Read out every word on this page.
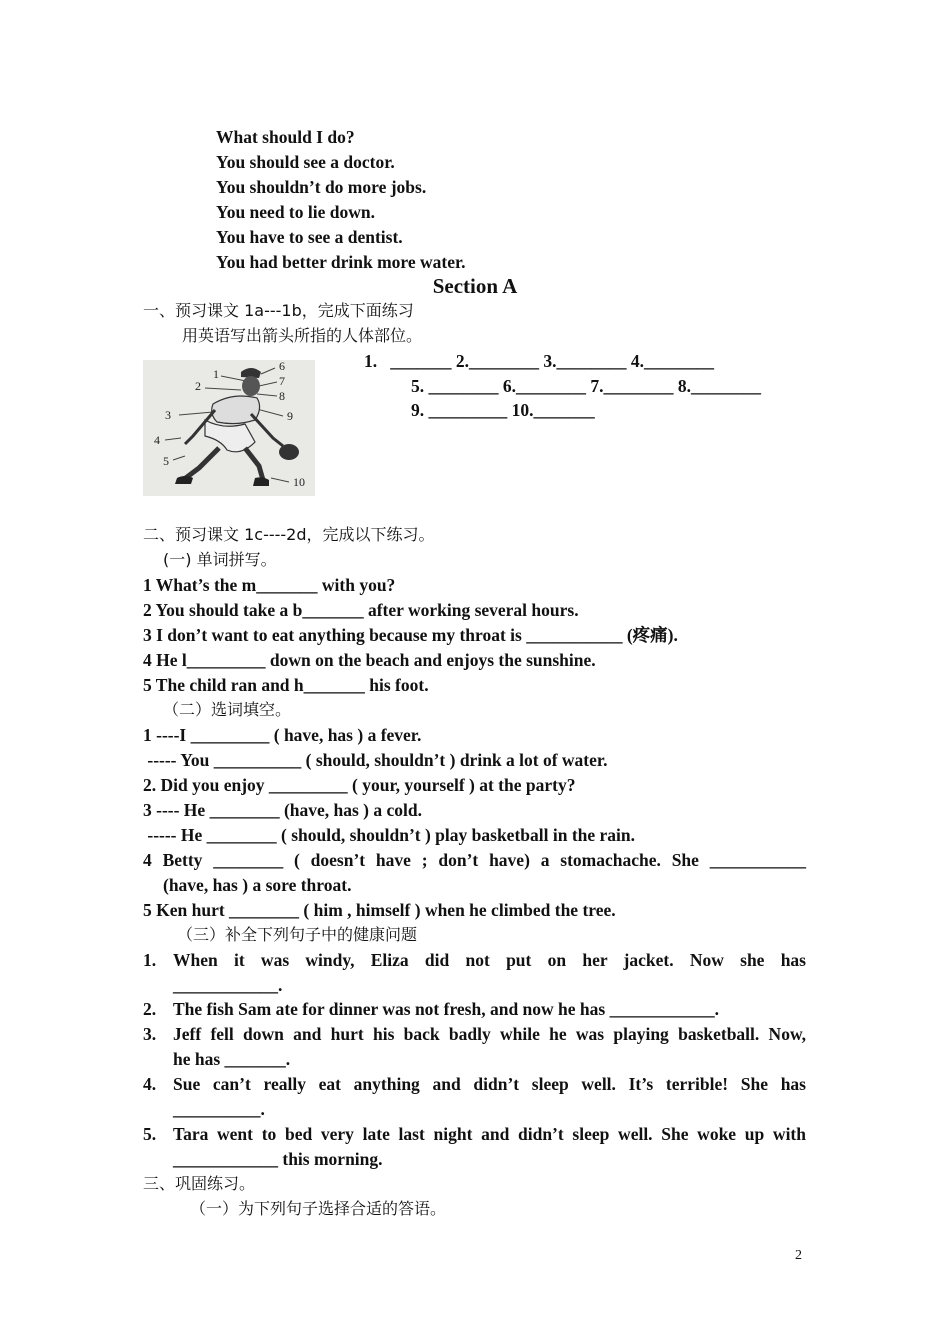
What should I do?
You should see a doctor.
You shouldn’t do more jobs.
You need to lie down.
You have to see a dentist.
You had better drink more water.
Section A
一、预习课文 1a---1b，完成下面练习
用英语写出箭头所指的人体部位。
1.   _______ 2.________ 3.________ 4.________
5. ________ 6.________ 7.________ 8.________
9. _________ 10._______
1
2
3
4
5
6
7
8
9
10
二、预习课文 1c----2d，完成以下练习。
(一) 单词拼写。
1 What’s the m_______ with you?
2 You should take a b_______ after working several hours.
3 I don’t want to eat anything because my throat is ___________ (疼痛).
4 He l_________ down on the beach and enjoys the sunshine.
5 The child ran and h_______ his foot.
（二）选词填空。
1 ----I _________ ( have, has ) a fever.
----- You __________ ( should, shouldn’t ) drink a lot of water.
2. Did you enjoy _________ ( your, yourself ) at the party?
3 ---- He ________ (have, has ) a cold.
----- He ________ ( should, shouldn’t ) play basketball in the rain.
4 Betty ________ ( doesn’t have ; don’t have) a stomachache. She ___________
(have, has ) a sore throat.
5 Ken hurt ________ ( him , himself ) when he climbed the tree.
（三）补全下列句子中的健康问题
1. When it was windy, Eliza did not put on her jacket. Now she has
____________.
2. The fish Sam ate for dinner was not fresh, and now he has ____________.
3. Jeff fell down and hurt his back badly while he was playing basketball. Now,
he has _______.
4. Sue can’t really eat anything and didn’t sleep well. It’s terrible! She has
__________.
5. Tara went to bed very late last night and didn’t sleep well. She woke up with
____________ this morning.
三、巩固练习。
（一）为下列句子选择合适的答语。
2
